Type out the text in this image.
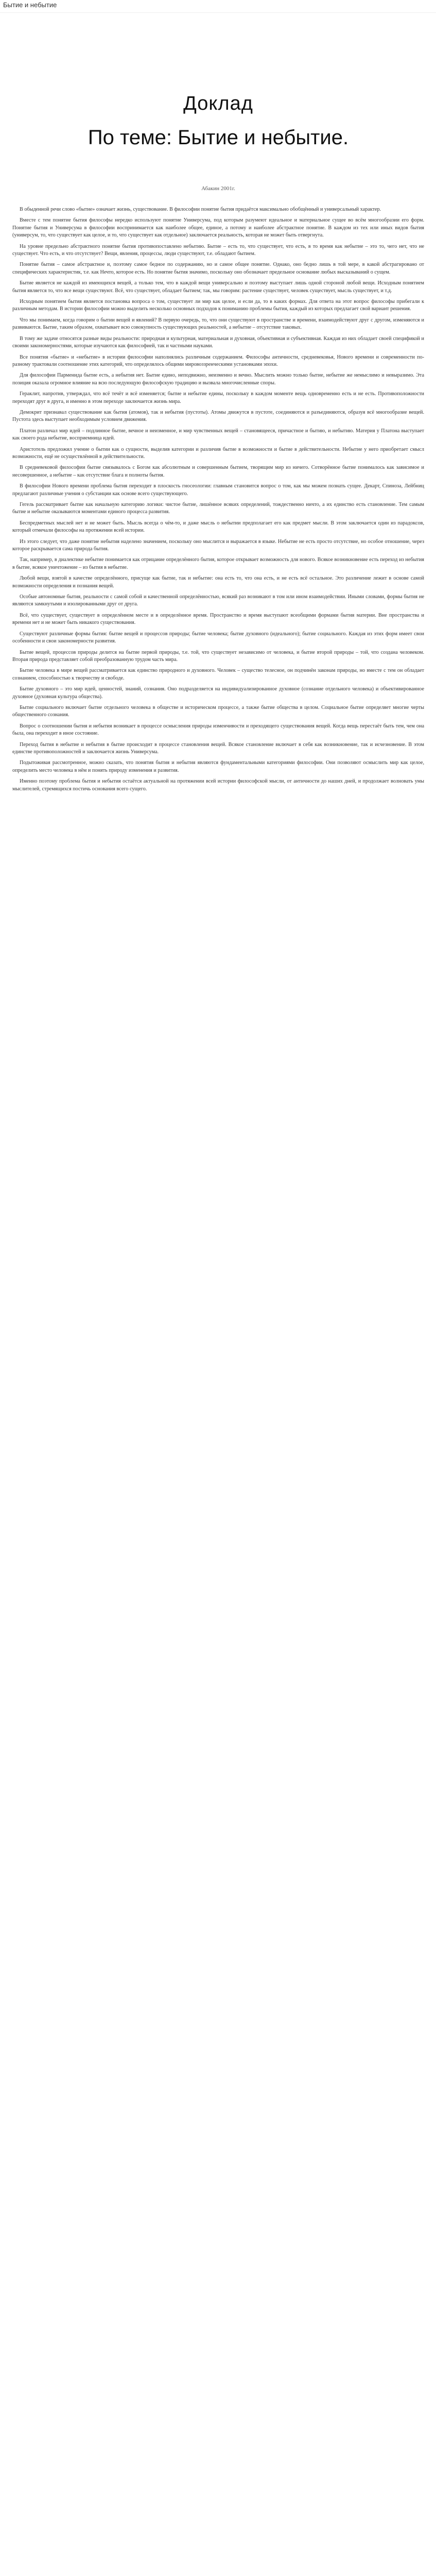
Бытие и небытие
Доклад
По теме: Бытие и небытие.

Абакин 2001г.

В обыденной речи слово «бытие» означает жизнь, существование. В философии понятие бытия придаётся максимально обобщённый и универсальный характер.

Вместе с тем понятие бытия философы нередко используют понятие Универсума, под которым разумеют идеальное и материальное сущее во всём многообразии его форм. Понятие бытия и Универсума в философии воспринимается как наиболее общее, единое, а потому и наиболее абстрактное понятие. В каждом из тех или иных видов бытия (универсум, то, что существует как целое, и то, что существует как отдельное) заключается реальность, которая не может быть отвергнута.

На уровне предельно абстрактного понятие бытия противопоставлено небытию. Бытие – есть то, что существует, что есть, в то время как небытие – это то, чего нет, что не существует. Что есть, и что отсутствует? Вещи, явления, процессы, люди существуют, т.е. обладают бытием.

Понятие бытия – самое абстрактное и, поэтому самое бедное по содержанию, но и самое общее понятие. Однако, оно бедно лишь в той мере, в какой абстрагировано от специфических характеристик, т.е. как Нечто, которое есть. Но понятие бытия значимо, поскольку оно обозначает предельное основание любых высказываний о сущем.

Бытие является не каждой из имеющихся вещей, а только тем, что в каждой вещи универсально и поэтому выступает лишь одной стороной любой вещи. Исходным понятием бытия является то, что все вещи существуют. Всё, что существует, обладает бытием; так, мы говорим: растение существует, человек существует, мысль существует, и т.д.

Исходным понятием бытия является постановка вопроса о том, существует ли мир как целое, и если да, то в каких формах. Для ответа на этот вопрос философы прибегали к различным методам. В истории философии можно выделить несколько основных подходов к пониманию проблемы бытия, каждый из которых предлагает свой вариант решения.

Что мы понимаем, когда говорим о бытии вещей и явлений? В первую очередь, то, что они существуют в пространстве и времени, взаимодействуют друг с другом, изменяются и развиваются. Бытие, таким образом, охватывает всю совокупность существующих реальностей, а небытие – отсутствие таковых.

В тому же задаче относятся разные виды реальности: природная и культурная, материальная и духовная, объективная и субъективная. Каждая из них обладает своей спецификой и своими закономерностями, которые изучаются как философией, так и частными науками.

Все понятия «бытие» и «небытие» в истории философии наполнялись различным содержанием. Философы античности, средневековья, Нового времени и современности по-разному трактовали соотношение этих категорий, что определялось общими мировоззренческими установками эпохи.

Для философии Парменида бытие есть, а небытия нет. Бытие едино, неподвижно, неизменно и вечно. Мыслить можно только бытие, небытие же немыслимо и невыразимо. Эта позиция оказала огромное влияние на всю последующую философскую традицию и вызвала многочисленные споры.

Гераклит, напротив, утверждал, что всё течёт и всё изменяется; бытие и небытие едины, поскольку в каждом моменте вещь одновременно есть и не есть. Противоположности переходят друг в друга, и именно в этом переходе заключается жизнь мира.

Демокрит признавал существование как бытия (атомов), так и небытия (пустоты). Атомы движутся в пустоте, соединяются и разъединяются, образуя всё многообразие вещей. Пустота здесь выступает необходимым условием движения.

Платон различал мир идей – подлинное бытие, вечное и неизменное, и мир чувственных вещей – становящееся, причастное и бытию, и небытию. Материя у Платона выступает как своего рода небытие, восприемница идей.

Аристотель предложил учение о бытии как о сущности, выделив категории и различив бытие в возможности и бытие в действительности. Небытие у него приобретает смысл возможности, ещё не осуществлённой в действительности.

В средневековой философии бытие связывалось с Богом как абсолютным и совершенным бытием, творящим мир из ничего. Сотворённое бытие понималось как зависимое и несовершенное, а небытие – как отсутствие блага и полноты бытия.

В философии Нового времени проблема бытия переходит в плоскость гносеологии: главным становится вопрос о том, как мы можем познать сущее. Декарт, Спиноза, Лейбниц предлагают различные учения о субстанции как основе всего существующего.

Гегель рассматривает бытие как начальную категорию логики: чистое бытие, лишённое всяких определений, тождественно ничто, а их единство есть становление. Тем самым бытие и небытие оказываются моментами единого процесса развития.

Беспредметных мыслей нет и не может быть. Мысль всегда о чём-то, и даже мысль о небытии предполагает его как предмет мысли. В этом заключается один из парадоксов, который отмечали философы на протяжении всей истории.

Из этого следует, что даже понятие небытия наделено значением, поскольку оно мыслится и выражается в языке. Небытие не есть просто отсутствие, но особое отношение, через которое раскрывается сама природа бытия.

Так, например, в диалектике небытие понимается как отрицание определённого бытия, которое открывает возможность для нового. Всякое возникновение есть переход из небытия в бытие, всякое уничтожение – из бытия в небытие.

Любой вещи, взятой в качестве определённого, присуще как бытие, так и небытие: она есть то, что она есть, и не есть всё остальное. Это различение лежит в основе самой возможности определения и познания вещей.

Особые автономные бытия, реальности с самой собой и качественной определённостью, всякий раз возникают в том или ином взаимодействии. Иными словами, формы бытия не являются замкнутыми и изолированными друг от друга.

Всё, что существует, существует в определённом месте и в определённое время. Пространство и время выступают всеобщими формами бытия материи. Вне пространства и времени нет и не может быть никакого существования.

Существуют различные формы бытия: бытие вещей и процессов природы; бытие человека; бытие духовного (идеального); бытие социального. Каждая из этих форм имеет свои особенности и свои закономерности развития.

Бытие вещей, процессов природы делится на бытие первой природы, т.е. той, что существует независимо от человека, и бытие второй природы – той, что создана человеком. Вторая природа представляет собой преобразованную трудом часть мира.

Бытие человека в мире вещей рассматривается как единство природного и духовного. Человек – существо телесное, он подчинён законам природы, но вместе с тем он обладает сознанием, способностью к творчеству и свободе.

Бытие духовного – это мир идей, ценностей, знаний, сознания. Оно подразделяется на индивидуализированное духовное (сознание отдельного человека) и объективированное духовное (духовная культура общества).

Бытие социального включает бытие отдельного человека в обществе и историческом процессе, а также бытие общества в целом. Социальное бытие определяет многие черты общественного сознания.

Вопрос о соотношении бытия и небытия возникает в процессе осмысления природы изменчивости и преходящего существования вещей. Когда вещь перестаёт быть тем, чем она была, она переходит в иное состояние.

Переход бытия в небытие и небытия в бытие происходит в процессе становления вещей. Всякое становление включает в себя как возникновение, так и исчезновение. В этом единстве противоположностей и заключается жизнь Универсума.

Подытоживая рассмотренное, можно сказать, что понятия бытия и небытия являются фундаментальными категориями философии. Они позволяют осмыслить мир как целое, определить место человека в нём и понять природу изменения и развития.

Именно поэтому проблема бытия и небытия остаётся актуальной на протяжении всей истории философской мысли, от античности до наших дней, и продолжает волновать умы мыслителей, стремящихся постичь основания всего сущего.
